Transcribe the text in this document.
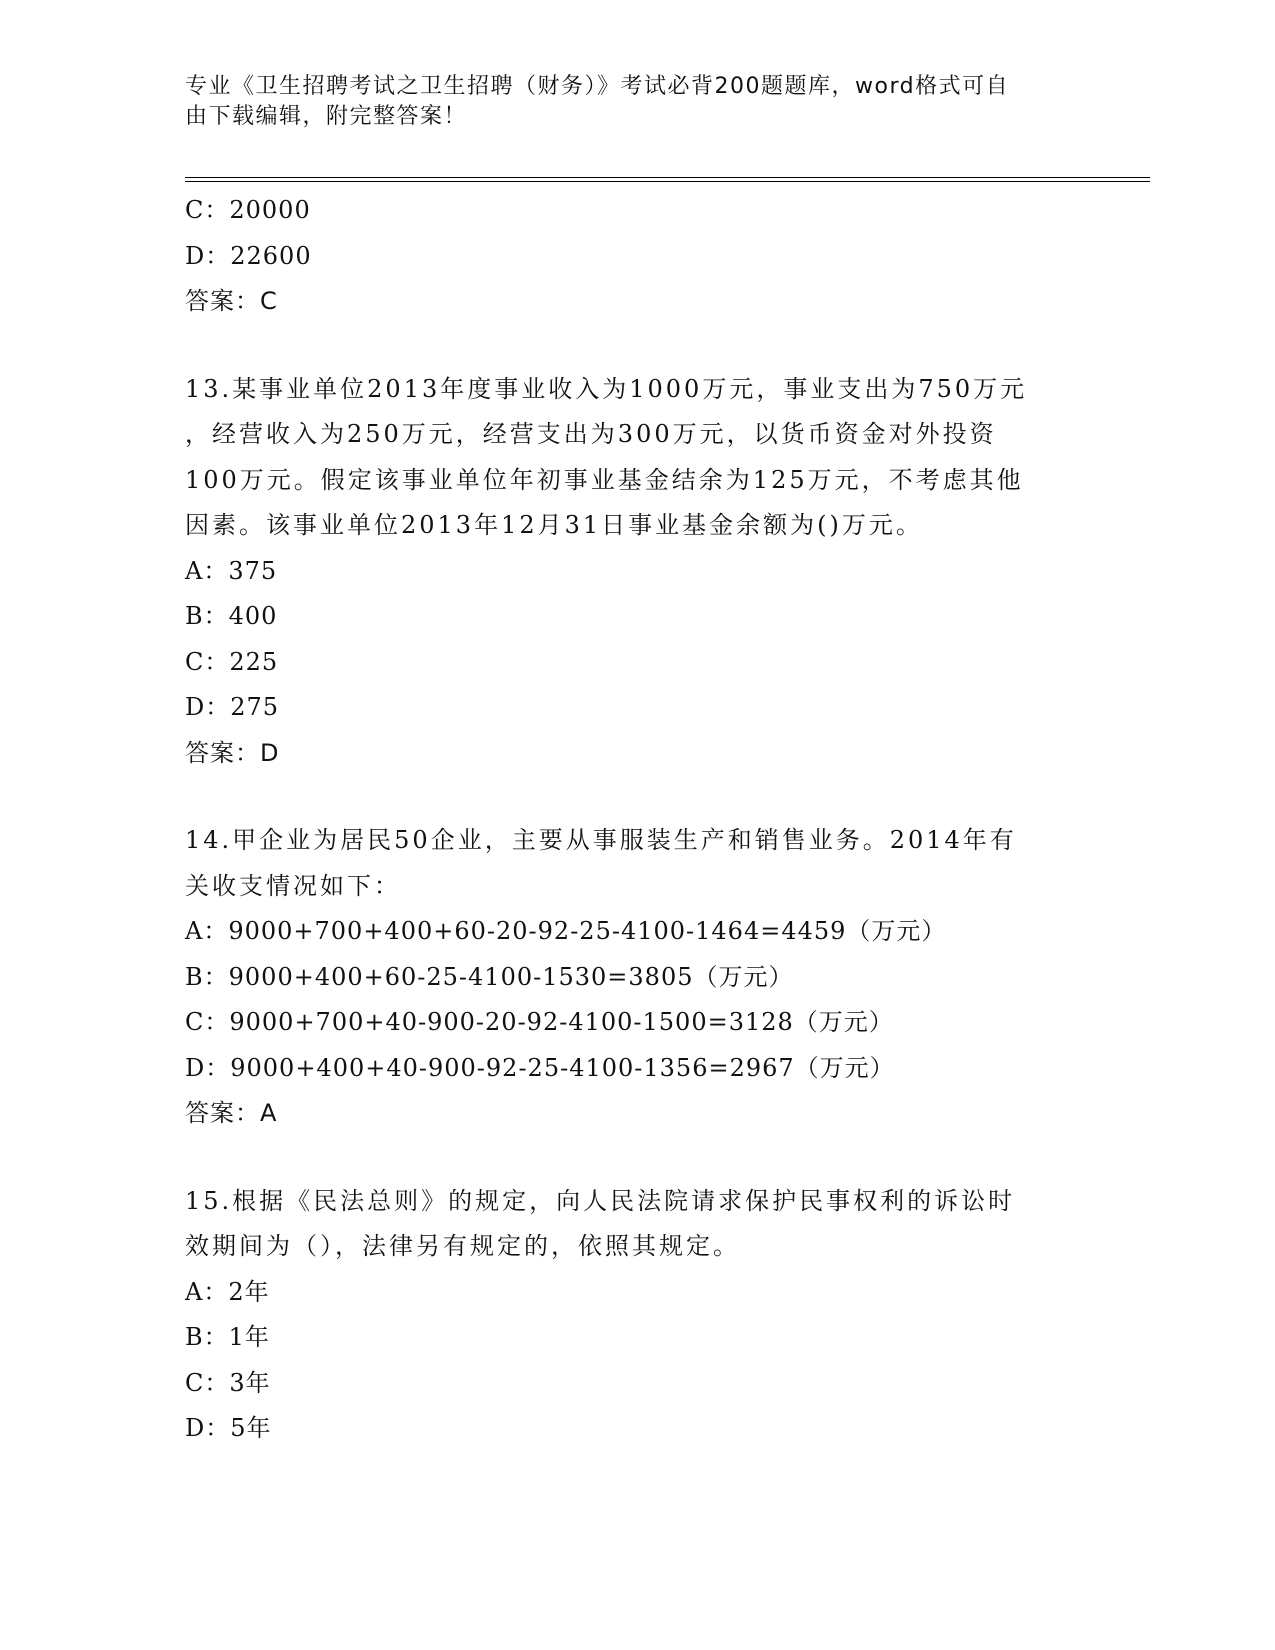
专业《卫生招聘考试之卫生招聘（财务）》考试必背200题题库，word格式可自
由下载编辑，附完整答案！
C：20000
D：22600
答案：C
13.某事业单位2013年度事业收入为1000万元，事业支出为750万元
，经营收入为250万元，经营支出为300万元，以货币资金对外投资
100万元。假定该事业单位年初事业基金结余为125万元，不考虑其他
因素。该事业单位2013年12月31日事业基金余额为()万元。
A：375
B：400
C：225
D：275
答案：D
14.甲企业为居民50企业，主要从事服装生产和销售业务。2014年有
关收支情况如下：
A：9000+700+400+60-20-92-25-4100-1464=4459（万元）
B：9000+400+60-25-4100-1530=3805（万元）
C：9000+700+40-900-20-92-4100-1500=3128（万元）
D：9000+400+40-900-92-25-4100-1356=2967（万元）
答案：A
15.根据《民法总则》的规定，向人民法院请求保护民事权利的诉讼时
效期间为（），法律另有规定的，依照其规定。
A：2年
B：1年
C：3年
D：5年
